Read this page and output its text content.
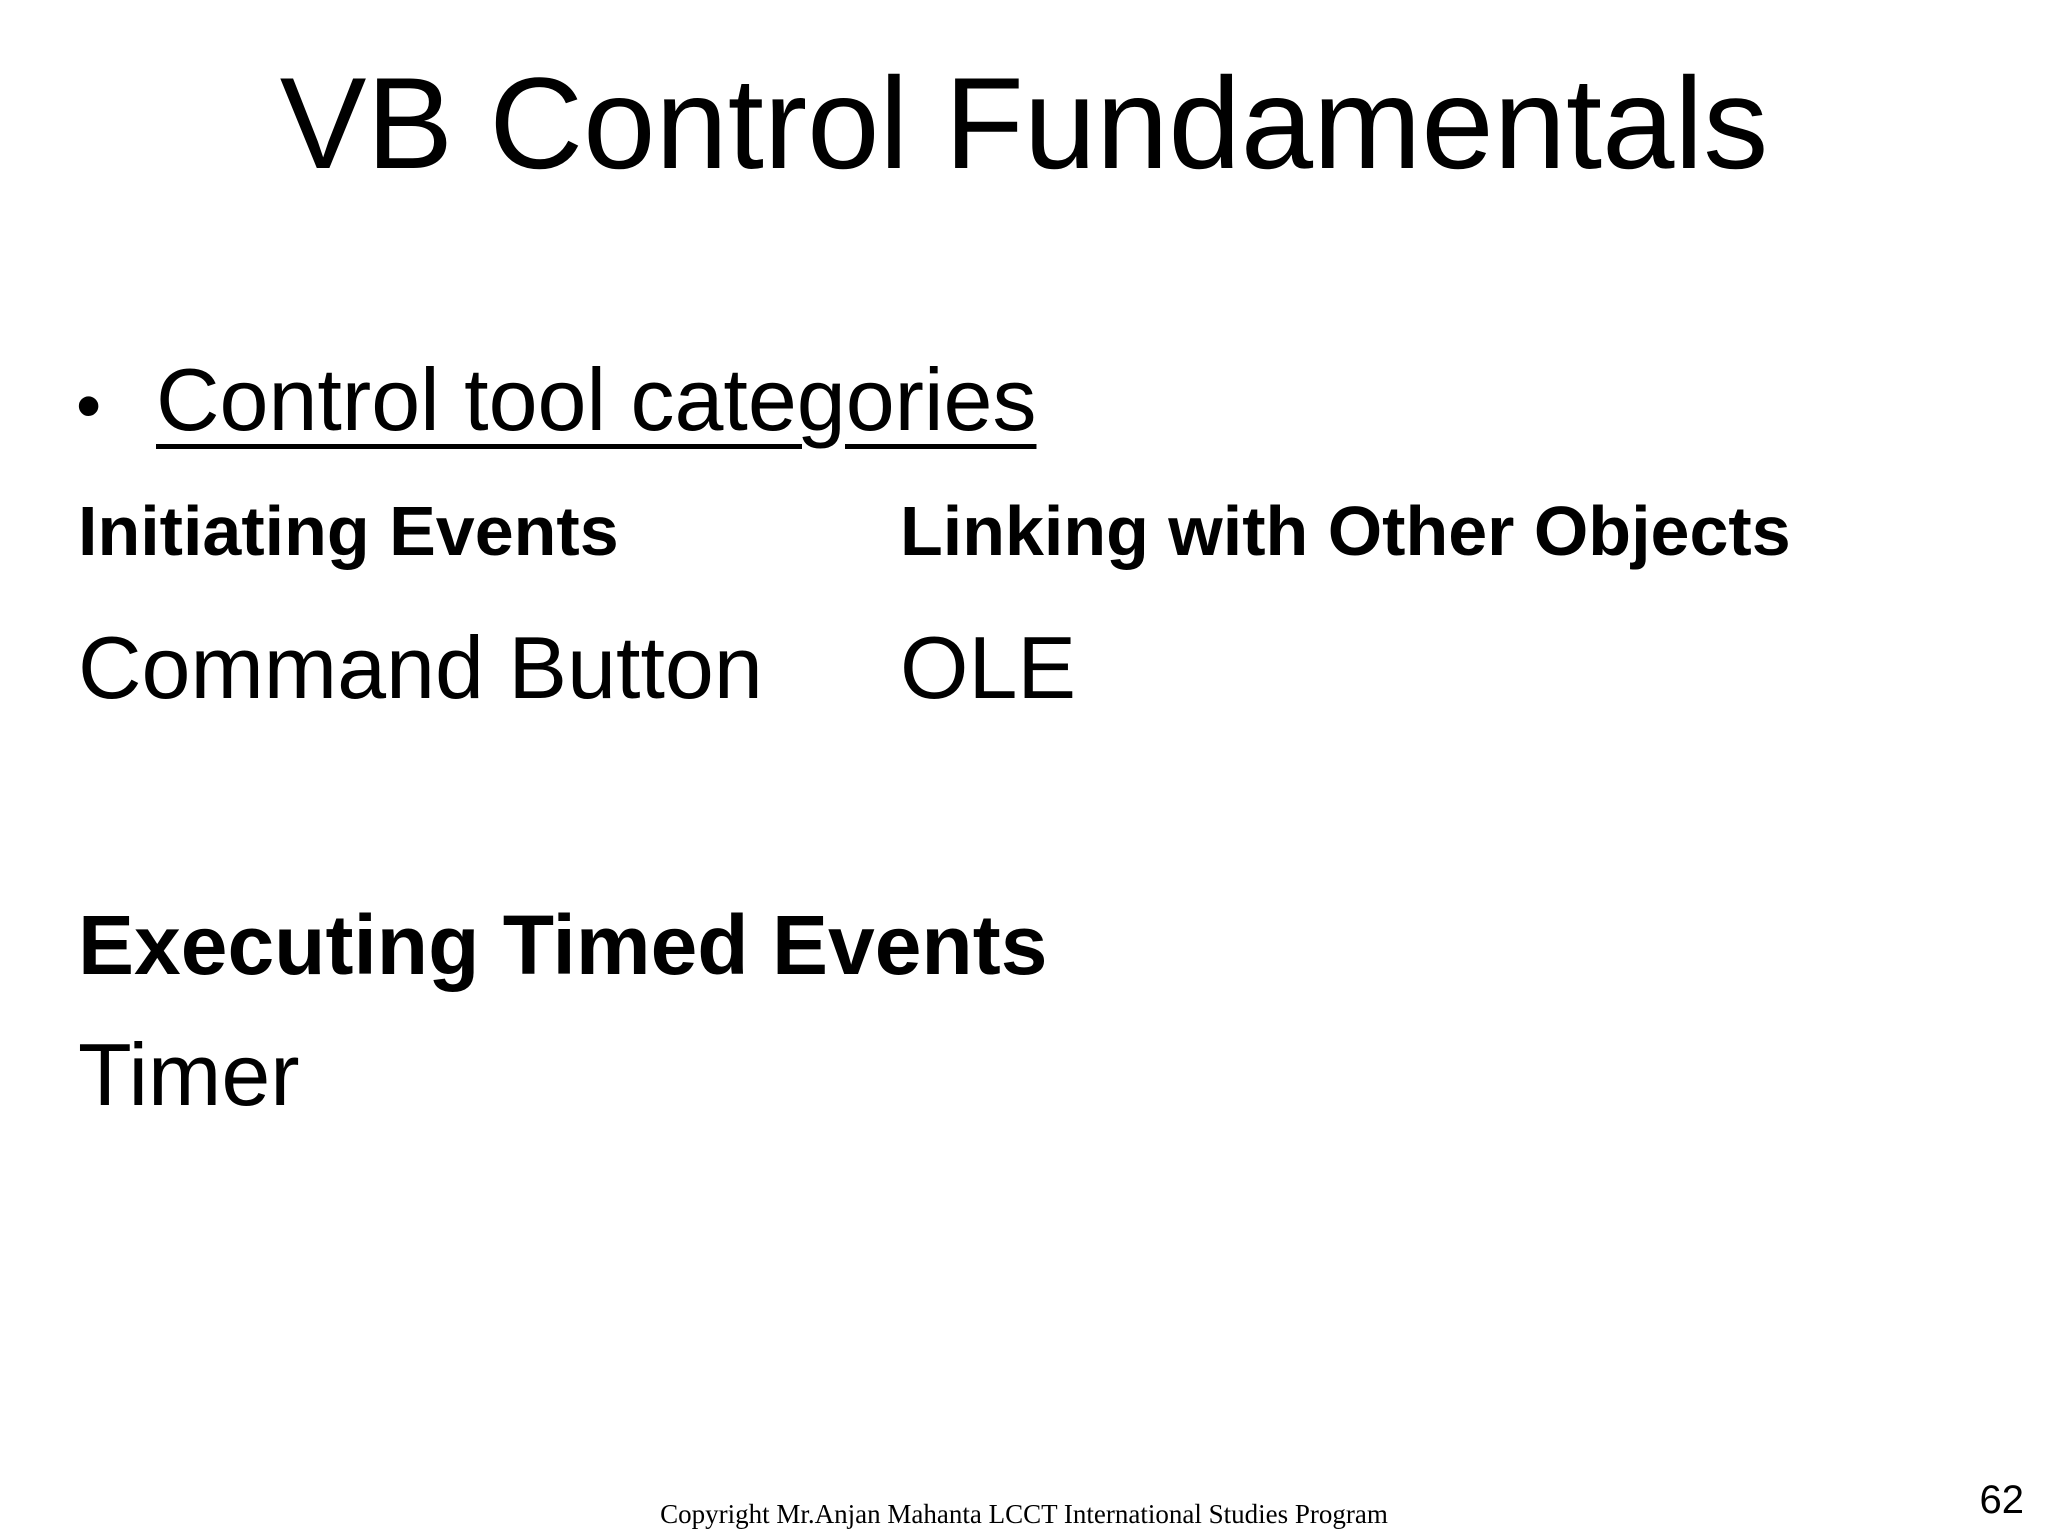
VB Control Fundamentals
• Control tool categories
Initiating Events	Linking with Other Objects
Command Button OLE
Executing Timed Events
Timer
Copyright Mr.Anjan Mahanta LCCT International Studies Program	62
